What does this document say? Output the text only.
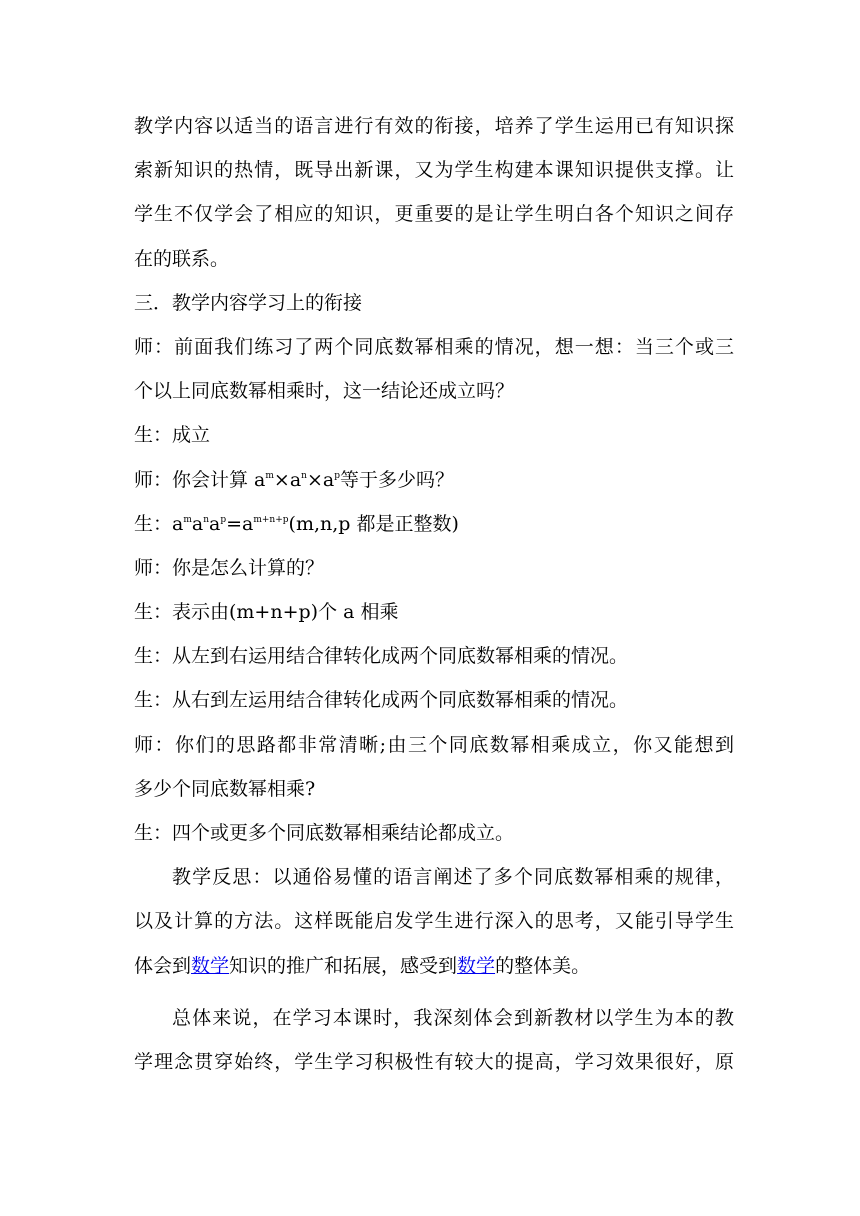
教学内容以适当的语言进行有效的衔接，培养了学生运用已有知识探
索新知识的热情，既导出新课，又为学生构建本课知识提供支撑。让
学生不仅学会了相应的知识，更重要的是让学生明白各个知识之间存
在的联系。
三．教学内容学习上的衔接
师：前面我们练习了两个同底数幂相乘的情况，想一想：当三个或三
个以上同底数幂相乘时，这一结论还成立吗？
生：成立
师：你会计算 $a^m\times a^n\times a^p$等于多少吗？
生：$a^ma^na^p=a^{m+n+p}(m,n,p$ 都是正整数)
师：你是怎么计算的？
生：表示由(m+n+p)个 a 相乘
生：从左到右运用结合律转化成两个同底数幂相乘的情况。
生：从右到左运用结合律转化成两个同底数幂相乘的情况。
师：你们的思路都非常清晰;由三个同底数幂相乘成立，你又能想到
多少个同底数幂相乘?
生：四个或更多个同底数幂相乘结论都成立。
教学反思：以通俗易懂的语言阐述了多个同底数幂相乘的规律，
以及计算的方法。这样既能启发学生进行深入的思考，又能引导学生
体会到数学知识的推广和拓展，感受到数学的整体美。
总体来说，在学习本课时，我深刻体会到新教材以学生为本的教
学理念贯穿始终，学生学习积极性有较大的提高，学习效果很好，原
